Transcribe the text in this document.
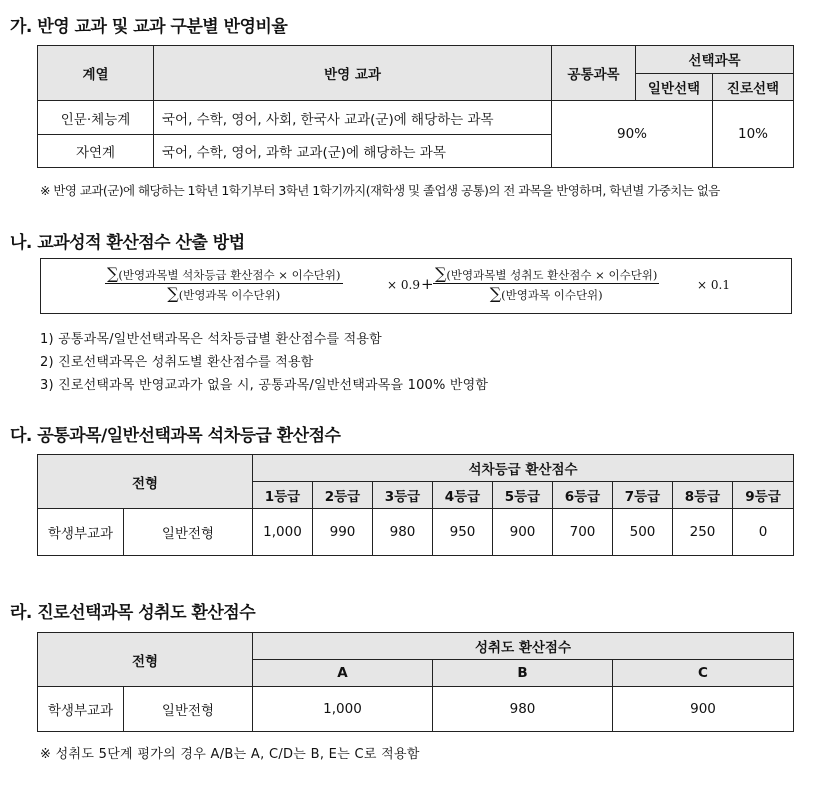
가. 반영 교과 및 교과 구분별 반영비율
계열	반영 교과	공통과목	선택과목	
			일반선택	진로선택
인문·체능계	국어, 수학, 영어, 사회, 한국사 교과(군)에 해당하는 과목	90%		10%
자연계	국어, 수학, 영어, 과학 교과(군)에 해당하는 과목			
※ 반영 교과(군)에 해당하는 1학년 1학기부터 3학년 1학기까지(재학생 및 졸업생 공통)의 전 과목을 반영하며, 학년별 가중치는 없음
나. 교과성적 환산점수 산출 방법
∑(반영과목별 석차등급 환산점수 × 이수단위)
∑(반영과목 이수단위)
× 0.9 +
∑(반영과목별 성취도 환산점수 × 이수단위)
∑(반영과목 이수단위)
× 0.1
1) 공통과목/일반선택과목은 석차등급별 환산점수를 적용함
2) 진로선택과목은 성취도별 환산점수를 적용함
3) 진로선택과목 반영교과가 없을 시, 공통과목/일반선택과목을 100% 반영함
다. 공통과목/일반선택과목 석차등급 환산점수
전형		석차등급 환산점수								
		1등급	2등급	3등급	4등급	5등급	6등급	7등급	8등급	9등급
학생부교과	일반전형	1,000	990	980	950	900	700	500	250	0
라. 진로선택과목 성취도 환산점수
전형		성취도 환산점수		
		A	B	C
학생부교과	일반전형	1,000	980	900
※ 성취도 5단계 평가의 경우 A/B는 A, C/D는 B, E는 C로 적용함
